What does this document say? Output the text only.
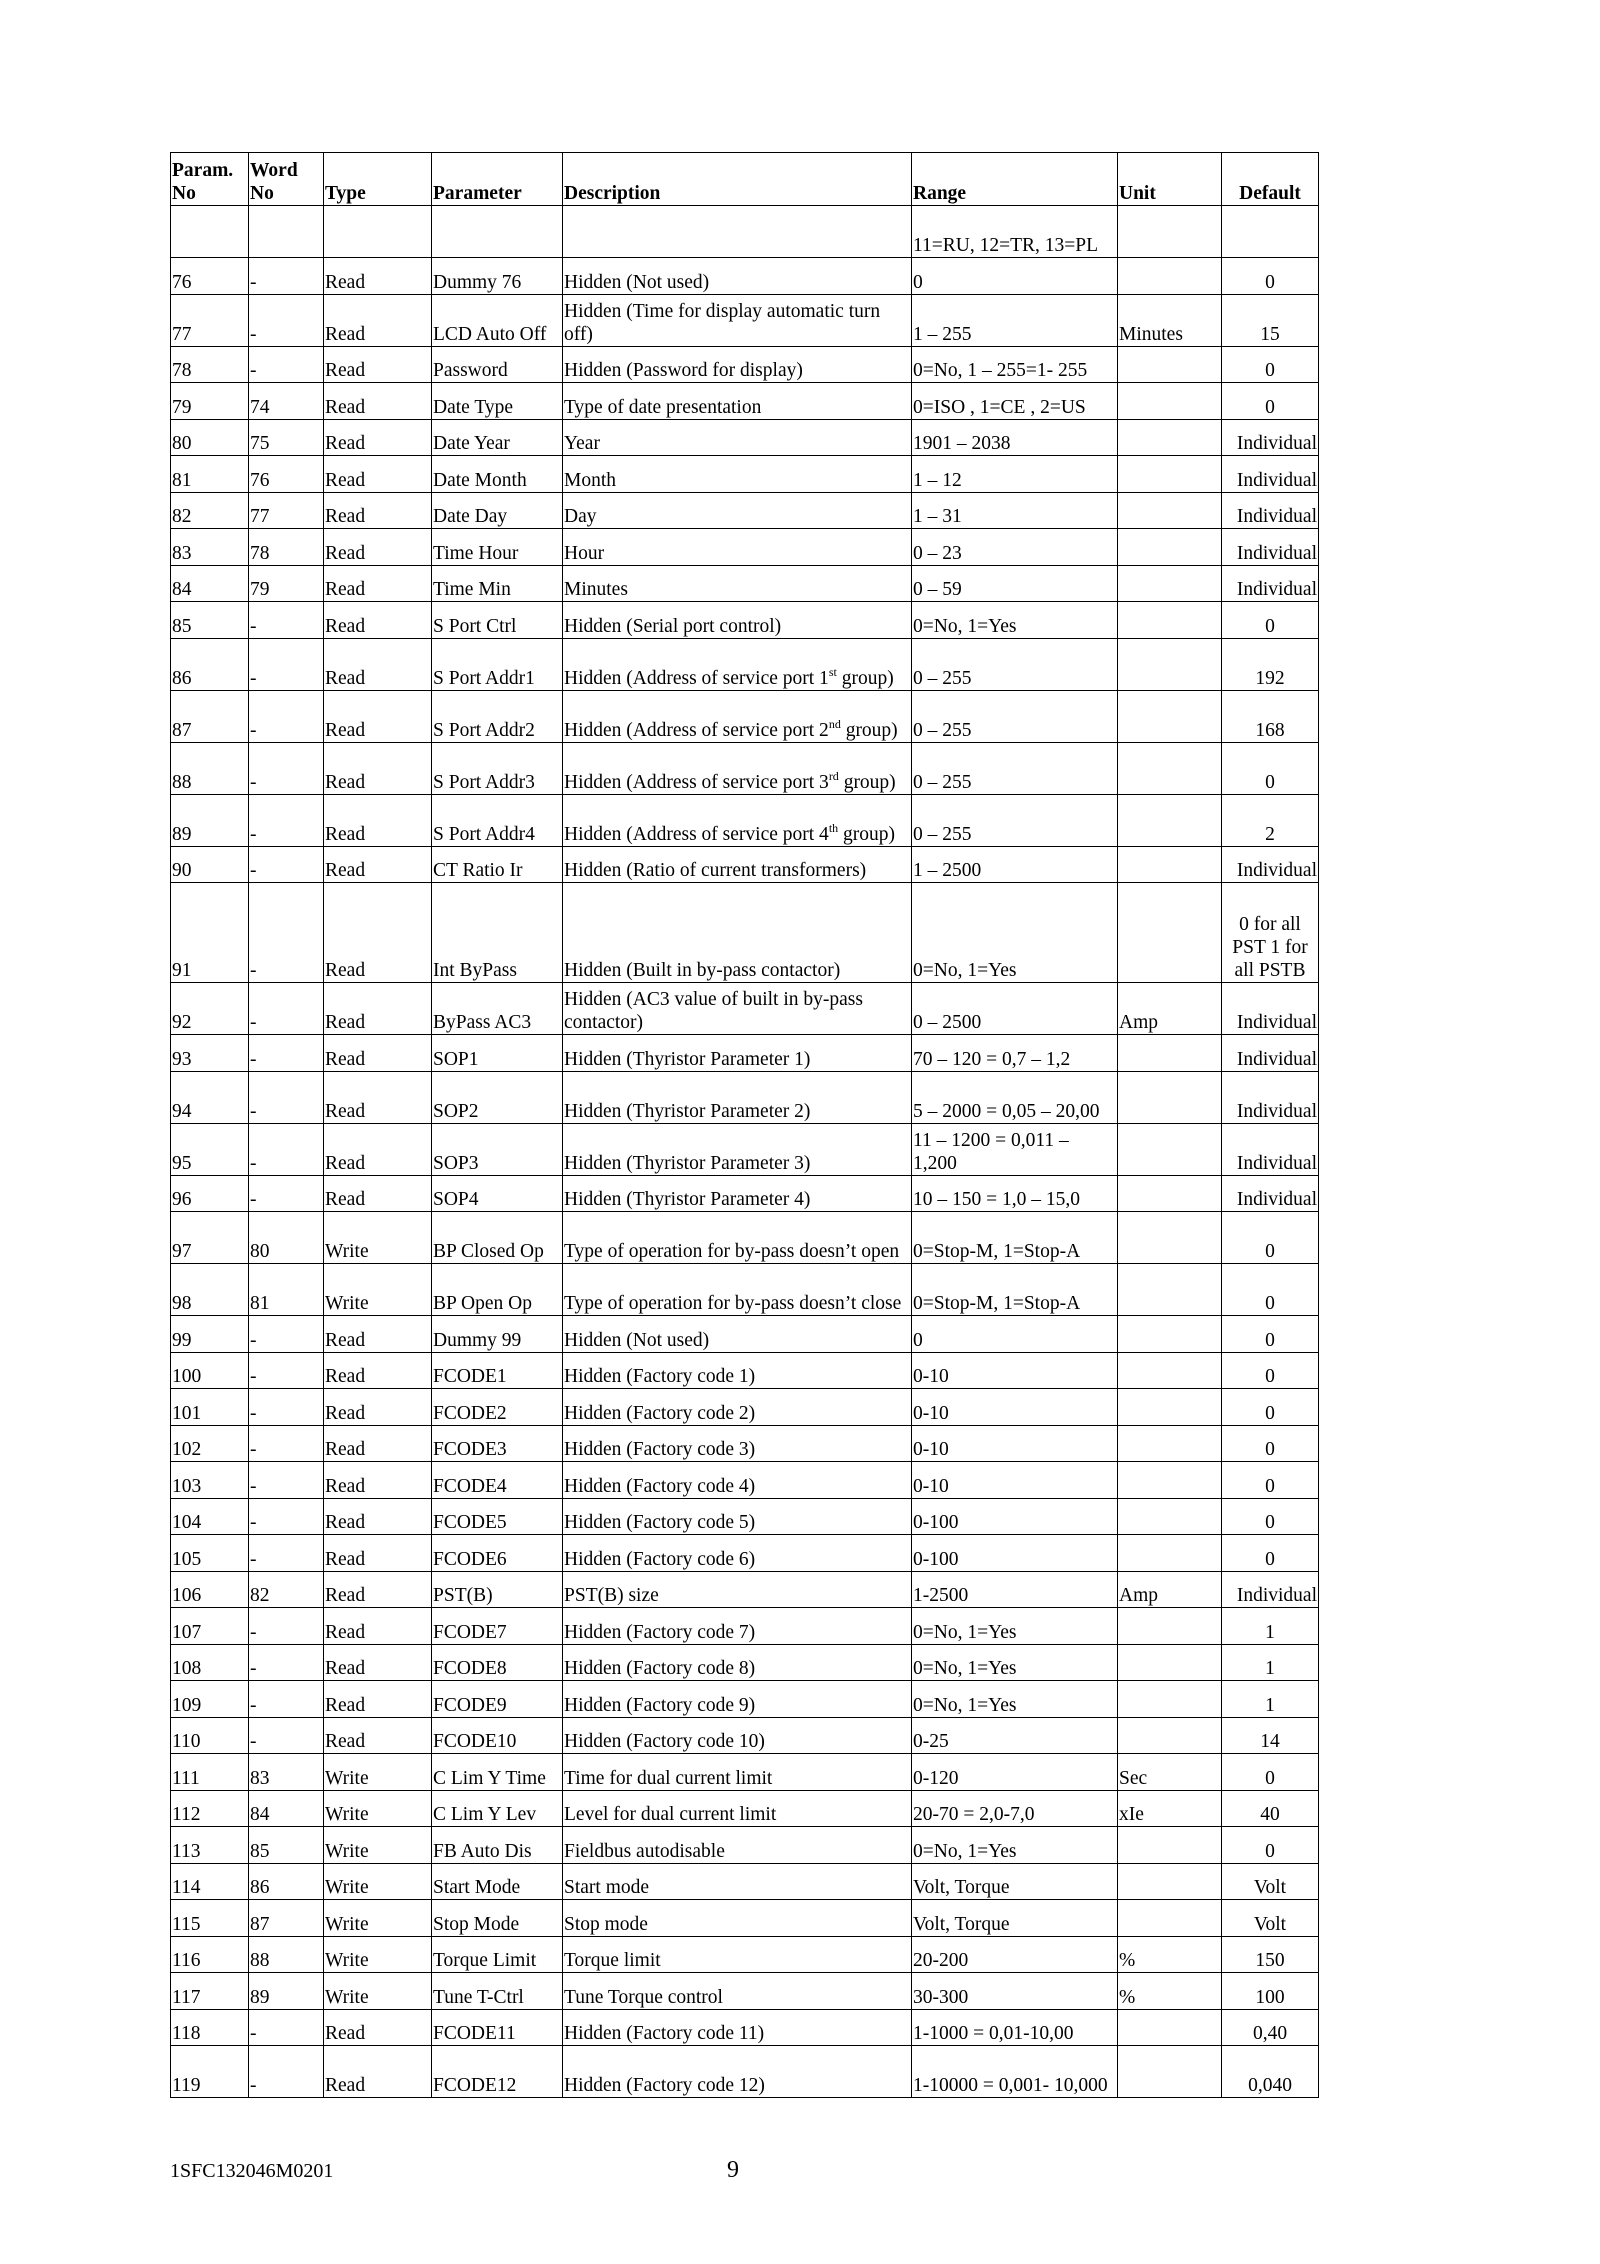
Param. No	Word No	Type	Parameter	Description	Range	Unit	Default
					11=RU, 12=TR, 13=PL		
76	-	Read	Dummy 76	Hidden (Not used)	0		0
77	-	Read	LCD Auto Off	Hidden (Time for display automatic turn off)	1 – 255	Minutes	15
78	-	Read	Password	Hidden (Password for display)	0=No, 1 – 255=1- 255		0
79	74	Read	Date Type	Type of date presentation	0=ISO , 1=CE , 2=US		0
80	75	Read	Date Year	Year	1901 – 2038		Individual
81	76	Read	Date Month	Month	1 – 12		Individual
82	77	Read	Date Day	Day	1 – 31		Individual
83	78	Read	Time Hour	Hour	0 – 23		Individual
84	79	Read	Time Min	Minutes	0 – 59		Individual
85	-	Read	S Port Ctrl	Hidden (Serial port control)	0=No, 1=Yes		0
86	-	Read	S Port Addr1	Hidden (Address of service port 1st group)	0 – 255		192
87	-	Read	S Port Addr2	Hidden (Address of service port 2nd group)	0 – 255		168
88	-	Read	S Port Addr3	Hidden (Address of service port 3rd group)	0 – 255		0
89	-	Read	S Port Addr4	Hidden (Address of service port 4th group)	0 – 255		2
90	-	Read	CT Ratio Ir	Hidden (Ratio of current transformers)	1 – 2500		Individual
91	-	Read	Int ByPass	Hidden (Built in by-pass contactor)	0=No, 1=Yes		0 for all PST 1 for all PSTB
92	-	Read	ByPass AC3	Hidden (AC3 value of built in by-pass contactor)	0 – 2500	Amp	Individual
93	-	Read	SOP1	Hidden (Thyristor Parameter 1)	70 – 120 = 0,7 – 1,2		Individual
94	-	Read	SOP2	Hidden (Thyristor Parameter 2)	5 – 2000 = 0,05 – 20,00		Individual
95	-	Read	SOP3	Hidden (Thyristor Parameter 3)	11 – 1200 = 0,011 – 1,200		Individual
96	-	Read	SOP4	Hidden (Thyristor Parameter 4)	10 – 150 = 1,0 – 15,0		Individual
97	80	Write	BP Closed Op	Type of operation for by-pass doesn’t open	0=Stop-M, 1=Stop-A		0
98	81	Write	BP Open Op	Type of operation for by-pass doesn’t close	0=Stop-M, 1=Stop-A		0
99	-	Read	Dummy 99	Hidden (Not used)	0		0
100	-	Read	FCODE1	Hidden (Factory code 1)	0-10		0
101	-	Read	FCODE2	Hidden (Factory code 2)	0-10		0
102	-	Read	FCODE3	Hidden (Factory code 3)	0-10		0
103	-	Read	FCODE4	Hidden (Factory code 4)	0-10		0
104	-	Read	FCODE5	Hidden (Factory code 5)	0-100		0
105	-	Read	FCODE6	Hidden (Factory code 6)	0-100		0
106	82	Read	PST(B)	PST(B) size	1-2500	Amp	Individual
107	-	Read	FCODE7	Hidden (Factory code 7)	0=No, 1=Yes		1
108	-	Read	FCODE8	Hidden (Factory code 8)	0=No, 1=Yes		1
109	-	Read	FCODE9	Hidden (Factory code 9)	0=No, 1=Yes		1
110	-	Read	FCODE10	Hidden (Factory code 10)	0-25		14
111	83	Write	C Lim Y Time	Time for dual current limit	0-120	Sec	0
112	84	Write	C Lim Y Lev	Level for dual current limit	20-70 = 2,0-7,0	xIe	40
113	85	Write	FB Auto Dis	Fieldbus autodisable	0=No, 1=Yes		0
114	86	Write	Start Mode	Start mode	Volt, Torque		Volt
115	87	Write	Stop Mode	Stop mode	Volt, Torque		Volt
116	88	Write	Torque Limit	Torque limit	20-200	%	150
117	89	Write	Tune T-Ctrl	Tune Torque control	30-300	%	100
118	-	Read	FCODE11	Hidden (Factory code 11)	1-1000 = 0,01-10,00		0,40
119	-	Read	FCODE12	Hidden (Factory code 12)	1-10000 = 0,001- 10,000		0,040
1SFC132046M0201	9
